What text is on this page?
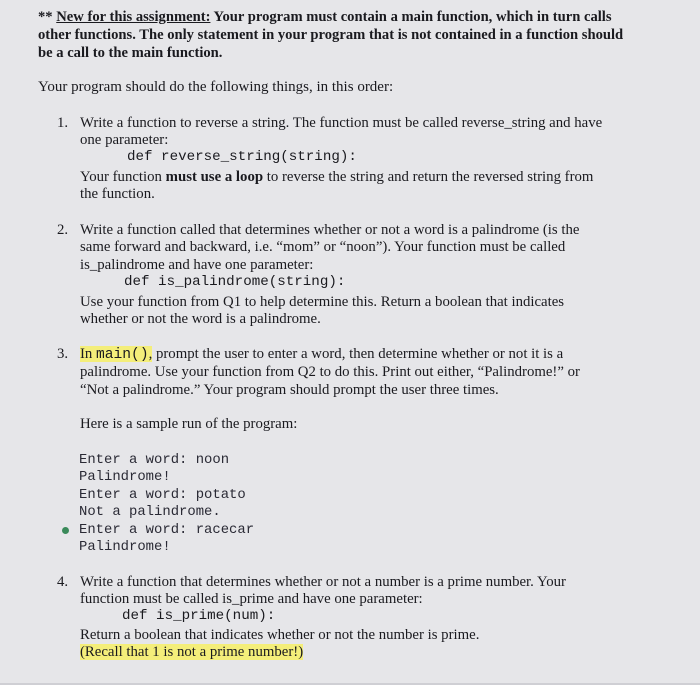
** New for this assignment: Your program must contain a main function, which in turn calls other functions. The only statement in your program that is not contained in a function should be a call to the main function.
Your program should do the following things, in this order:
1. Write a function to reverse a string. The function must be called reverse_string and have
one parameter:
def reverse_string(string):
Your function must use a loop to reverse the string and return the reversed string from
the function.
2. Write a function called that determines whether or not a word is a palindrome (is the
same forward and backward, i.e. “mom” or “noon”). Your function must be called
is_palindrome and have one parameter:
def is_palindrome(string):
Use your function from Q1 to help determine this. Return a boolean that indicates
whether or not the word is a palindrome.
3. In main(), prompt the user to enter a word, then determine whether or not it is a
palindrome. Use your function from Q2 to do this. Print out either, “Palindrome!” or
“Not a palindrome.” Your program should prompt the user three times.
Here is a sample run of the program:
Enter a word: noon
Palindrome!
Enter a word: potato
Not a palindrome.
Enter a word: racecar
Palindrome!
4. Write a function that determines whether or not a number is a prime number. Your
function must be called is_prime and have one parameter:
def is_prime(num):
Return a boolean that indicates whether or not the number is prime.
(Recall that 1 is not a prime number!)
